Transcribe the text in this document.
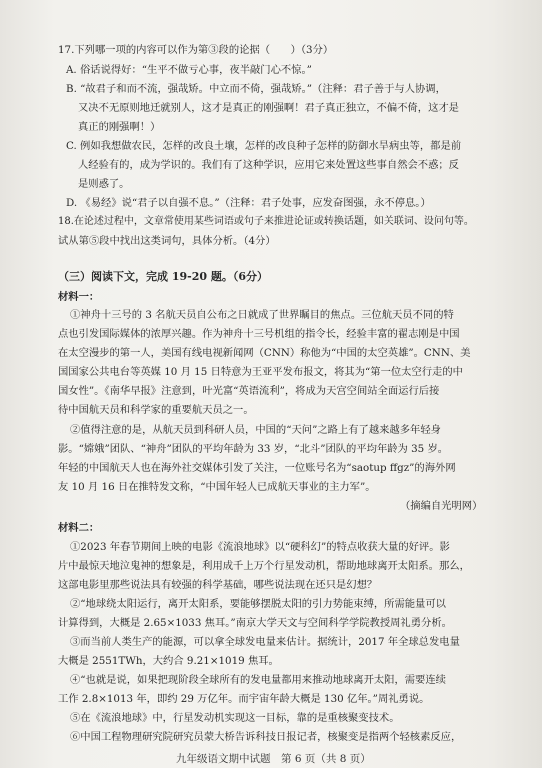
17.下列哪一项的内容可以作为第③段的论据（　　）（3分）
A. 俗话说得好：“生平不做亏心事，夜半敲门心不惊。”
B. “故君子和而不流，强哉矫。中立而不倚，强哉矫。”（注释：君子善于与人协调，
又决不无原则地迁就别人，这才是真正的刚强啊！君子真正独立，不偏不倚，这才是
真正的刚强啊！）
C. 例如我想做农民，怎样的改良土壤，怎样的改良种子怎样的防御水旱病虫等，都是前
人经验有的，成为学识的。我们有了这种学识，应用它来处置这些事自然会不惑；反
是则惑了。
D. 《易经》说“君子以自强不息。”（注释：君子处事，应发奋图强，永不停息。）
18.在论述过程中，文章常使用某些词语或句子来推进论证或转换话题，如关联词、设问句等。
试从第⑤段中找出这类词句，具体分析。（4分）
（三）阅读下文，完成 19-20 题。（6分）
材料一：
①神舟十三号的 3 名航天员自公布之日就成了世界瞩目的焦点。三位航天员不同的特
点也引发国际媒体的浓厚兴趣。作为神舟十三号机组的指令长，经验丰富的翟志刚是中国
在太空漫步的第一人，美国有线电视新闻网（CNN）称他为“中国的太空英雄”。CNN、美
国国家公共电台等英媒 10 月 15 日特意为王亚平发布报文，将其为“第一位太空行走的中
国女性”。《南华早报》注意到，叶光富“英语流利”，将成为天宫空间站全面运行后接
待中国航天员和科学家的重要航天员之一。
②值得注意的是，从航天员到科研人员，中国的“天问”之路上有了越来越多年轻身
影。“嫦娥”团队、“神舟”团队的平均年龄为 33 岁，“北斗”团队的平均年龄为 35 岁。
年轻的中国航天人也在海外社交媒体引发了关注，一位账号名为“saotup ffgz”的海外网
友 10 月 16 日在推特发文称，“中国年轻人已成航天事业的主力军”。
（摘编自光明网）
材料二：
①2023 年春节期间上映的电影《流浪地球》以“硬科幻”的特点收获大量的好评。影
片中最惊天地泣鬼神的想象是，利用成千上万个行星发动机，帮助地球离开太阳系。那么，
这部电影里那些说法具有较强的科学基础，哪些说法现在还只是幻想？
②“地球绕太阳运行，离开太阳系，要能够摆脱太阳的引力势能束缚，所需能量可以
计算得到，大概是 2.65×1033 焦耳。”南京大学天文与空间科学学院教授周礼勇分析。
③而当前人类生产的能源，可以拿全球发电量来估计。据统计，2017 年全球总发电量
大概是 2551TWh，大约合 9.21×1019 焦耳。
④“也就是说，如果把现阶段全球所有的发电量都用来推动地球离开太阳，需要连续
工作 2.8×1013 年，即约 29 万亿年。而宇宙年龄大概是 130 亿年。”周礼勇说。
⑤在《流浪地球》中，行星发动机实现这一目标，靠的是重核聚变技术。
⑥中国工程物理研究院研究员蒙大桥告诉科技日报记者，核聚变是指两个轻核素反应，
九年级语文期中试题　第 6 页（共 8 页）
